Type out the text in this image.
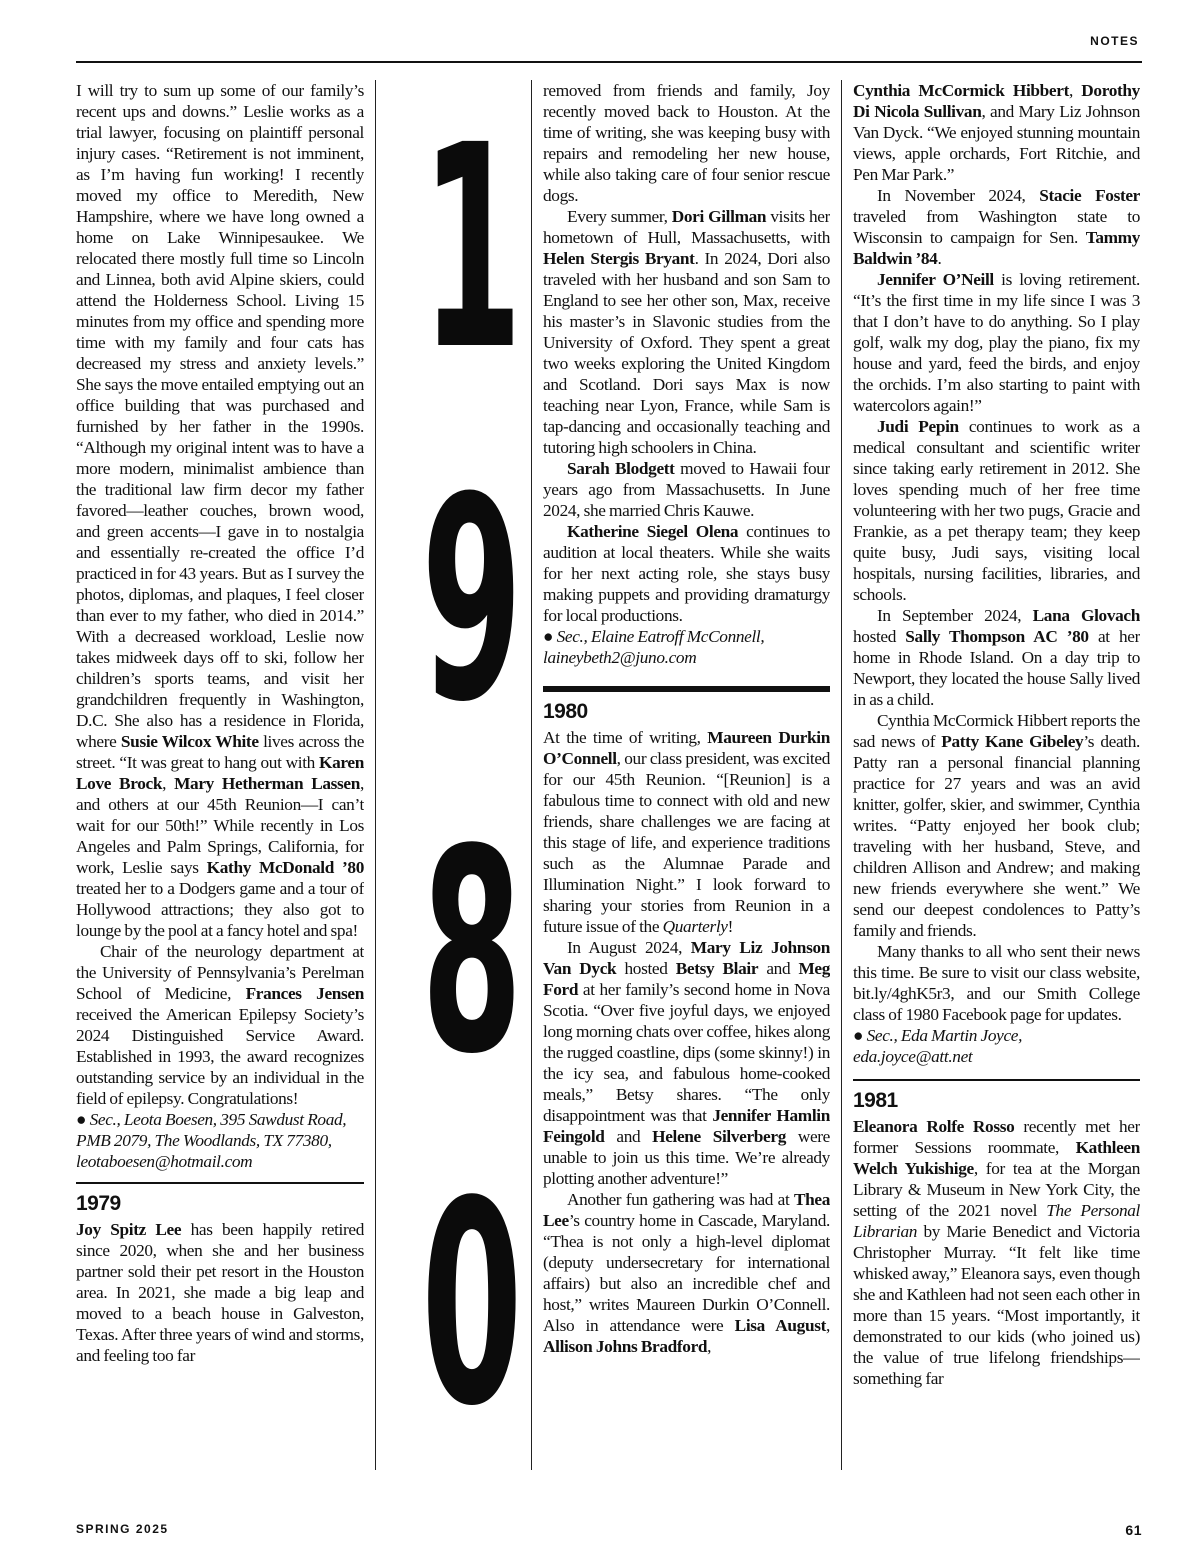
NOTES

I will try to sum up some of our family’s recent ups and downs.” Leslie works as a trial lawyer, focusing on plaintiff personal injury cases. “Retirement is not imminent, as I’m having fun working! I recently moved my office to Meredith, New Hampshire, where we have long owned a home on Lake Winnipesaukee. We relocated there mostly full time so Lincoln and Linnea, both avid Alpine skiers, could attend the Holderness School. Living 15 minutes from my office and spending more time with my family and four cats has decreased my stress and anxiety levels.” She says the move entailed emptying out an office building that was purchased and furnished by her father in the 1990s. “Although my original intent was to have a more modern, minimalist ambience than the traditional law firm decor my father favored—leather couches, brown wood, and green accents—I gave in to nostalgia and essentially re-created the office I’d practiced in for 43 years. But as I survey the photos, diplomas, and plaques, I feel closer than ever to my father, who died in 2014.” With a decreased workload, Leslie now takes midweek days off to ski, follow her children’s sports teams, and visit her grandchildren frequently in Washington, D.C. She also has a residence in Florida, where Susie Wilcox White lives across the street. “It was great to hang out with Karen Love Brock, Mary Hetherman Lassen, and others at our 45th Reunion—I can’t wait for our 50th!” While recently in Los Angeles and Palm Springs, California, for work, Leslie says Kathy McDonald ’80 treated her to a Dodgers game and a tour of Hollywood attractions; they also got to lounge by the pool at a fancy hotel and spa!

Chair of the neurology department at the University of Pennsylvania’s Perelman School of Medicine, Frances Jensen received the American Epilepsy Society’s 2024 Distinguished Service Award. Established in 1993, the award recognizes outstanding service by an individual in the field of epilepsy. Congratulations!

● Sec., Leota Boesen, 395 Sawdust Road, PMB 2079, The Woodlands, TX 77380, leotaboesen@hotmail.com

1979

Joy Spitz Lee has been happily retired since 2020, when she and her business partner sold their pet resort in the Houston area. In 2021, she made a big leap and moved to a beach house in Galveston, Texas. After three years of wind and storms, and feeling too far

1
9
8
0

removed from friends and family, Joy recently moved back to Houston. At the time of writing, she was keeping busy with repairs and remodeling her new house, while also taking care of four senior rescue dogs.

Every summer, Dori Gillman visits her hometown of Hull, Massachusetts, with Helen Stergis Bryant. In 2024, Dori also traveled with her husband and son Sam to England to see her other son, Max, receive his master’s in Slavonic studies from the University of Oxford. They spent a great two weeks exploring the United Kingdom and Scotland. Dori says Max is now teaching near Lyon, France, while Sam is tap-dancing and occasionally teaching and tutoring high schoolers in China.

Sarah Blodgett moved to Hawaii four years ago from Massachusetts. In June 2024, she married Chris Kauwe.

Katherine Siegel Olena continues to audition at local theaters. While she waits for her next acting role, she stays busy making puppets and providing dramaturgy for local productions.

● Sec., Elaine Eatroff McConnell, laineybeth2@juno.com

1980

At the time of writing, Maureen Durkin O’Connell, our class president, was excited for our 45th Reunion. “[Reunion] is a fabulous time to connect with old and new friends, share challenges we are facing at this stage of life, and experience traditions such as the Alumnae Parade and Illumination Night.” I look forward to sharing your stories from Reunion in a future issue of the Quarterly!

In August 2024, Mary Liz Johnson Van Dyck hosted Betsy Blair and Meg Ford at her family’s second home in Nova Scotia. “Over five joyful days, we enjoyed long morning chats over coffee, hikes along the rugged coastline, dips (some skinny!) in the icy sea, and fabulous home-cooked meals,” Betsy shares. “The only disappointment was that Jennifer Hamlin Feingold and Helene Silverberg were unable to join us this time. We’re already plotting another adventure!”

Another fun gathering was had at Thea Lee’s country home in Cascade, Maryland. “Thea is not only a high-level diplomat (deputy undersecretary for international affairs) but also an incredible chef and host,” writes Maureen Durkin O’Connell. Also in attendance were Lisa August, Allison Johns Bradford,

Cynthia McCormick Hibbert, Dorothy Di Nicola Sullivan, and Mary Liz Johnson Van Dyck. “We enjoyed stunning mountain views, apple orchards, Fort Ritchie, and Pen Mar Park.”

In November 2024, Stacie Foster traveled from Washington state to Wisconsin to campaign for Sen. Tammy Baldwin ’84.

Jennifer O’Neill is loving retirement. “It’s the first time in my life since I was 3 that I don’t have to do anything. So I play golf, walk my dog, play the piano, fix my house and yard, feed the birds, and enjoy the orchids. I’m also starting to paint with watercolors again!”

Judi Pepin continues to work as a medical consultant and scientific writer since taking early retirement in 2012. She loves spending much of her free time volunteering with her two pugs, Gracie and Frankie, as a pet therapy team; they keep quite busy, Judi says, visiting local hospitals, nursing facilities, libraries, and schools.

In September 2024, Lana Glovach hosted Sally Thompson AC ’80 at her home in Rhode Island. On a day trip to Newport, they located the house Sally lived in as a child.

Cynthia McCormick Hibbert reports the sad news of Patty Kane Gibeley’s death. Patty ran a personal financial planning practice for 27 years and was an avid knitter, golfer, skier, and swimmer, Cynthia writes. “Patty enjoyed her book club; traveling with her husband, Steve, and children Allison and Andrew; and making new friends everywhere she went.” We send our deepest condolences to Patty’s family and friends.

Many thanks to all who sent their news this time. Be sure to visit our class website, bit.ly/4ghK5r3, and our Smith College class of 1980 Facebook page for updates.

● Sec., Eda Martin Joyce, eda.joyce@att.net

1981

Eleanora Rolfe Rosso recently met her former Sessions roommate, Kathleen Welch Yukishige, for tea at the Morgan Library & Museum in New York City, the setting of the 2021 novel The Personal Librarian by Marie Benedict and Victoria Christopher Murray. “It felt like time whisked away,” Eleanora says, even though she and Kathleen had not seen each other in more than 15 years. “Most importantly, it demonstrated to our kids (who joined us) the value of true lifelong friendships—something far

SPRING 2025	61
